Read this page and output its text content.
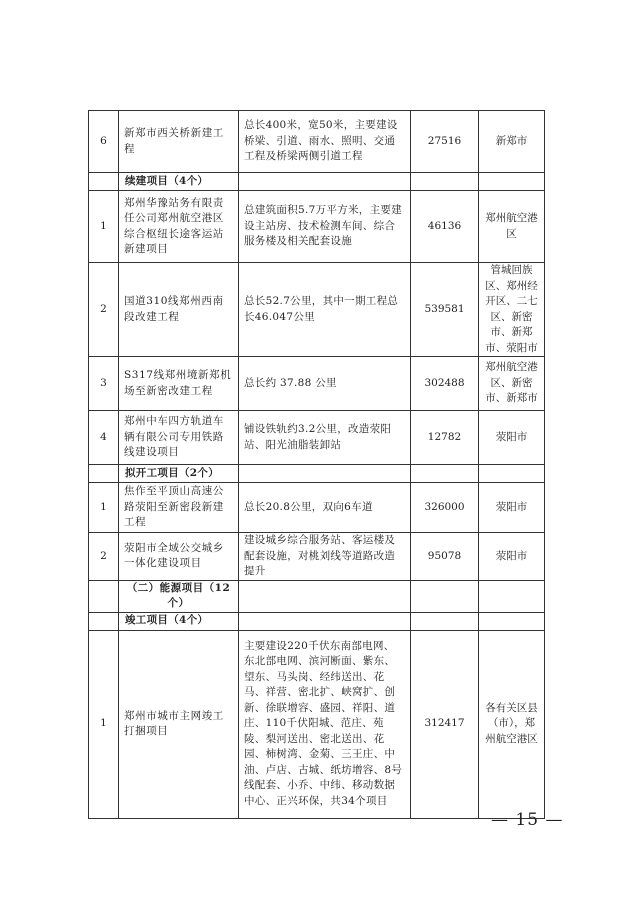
6	新郑市西关桥新建工程	总长400米，宽50米，主要建设桥梁、引道、雨水、照明、交通工程及桥梁两侧引道工程	27516	新郑市
	续建项目（4个）			
1	郑州华豫站务有限责任公司郑州航空港区综合枢纽长途客运站新建项目	总建筑面积5.7万平方米，主要建设主站房、技术检测车间、综合服务楼及相关配套设施	46136	郑州航空港区
2	国道310线郑州西南段改建工程	总长52.7公里，其中一期工程总长46.047公里	539581	管城回族区、郑州经开区、二七区、新密市、新郑市、荥阳市
3	S317线郑州境新郑机场至新密改建工程	总长约 37.88 公里	302488	郑州航空港区、新密市、新郑市
4	郑州中车四方轨道车辆有限公司专用铁路线建设项目	铺设铁轨约3.2公里，改造荥阳站、阳光油脂装卸站	12782	荥阳市
	拟开工项目（2个）			
1	焦作至平顶山高速公路荥阳至新密段新建工程	总长20.8公里，双向6车道	326000	荥阳市
2	荥阳市全域公交城乡一体化建设项目	建设城乡综合服务站、客运楼及配套设施，对桃刘线等道路改造提升	95078	荥阳市
	（二）能源项目（12个）			
	竣工项目（4个）			
1	郑州市城市主网竣工打捆项目	主要建设220千伏东南部电网、东北部电网、滨河断面、紫东、望东、马头岗、经纬送出、花马、祥营、密北扩、峡窝扩、创新、徐联增容、盛园、祥阳、道庄、110千伏阳城、范庄、苑陵、梨河送出、密北送出、花园、柿树湾、金菊、三王庄、中油、卢店、古城、纸坊增容、8号线配套、小乔、中纬、移动数据中心、正兴环保，共34个项目	312417	各有关区县（市），郑州航空港区
— 15 —
